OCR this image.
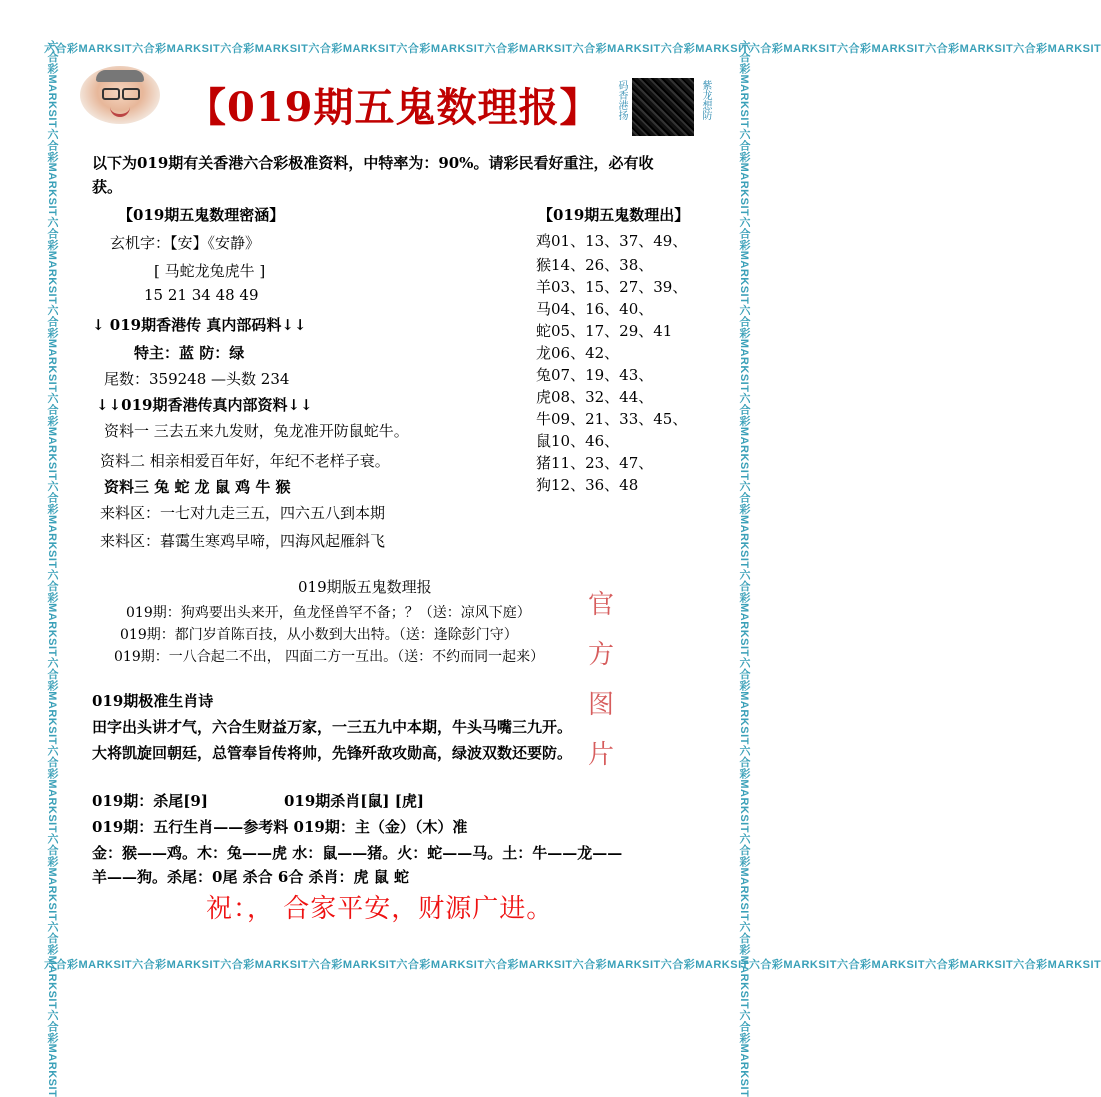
六合彩MARKSIT六合彩MARKSIT六合彩MARKSIT六合彩MARKSIT六合彩MARKSIT六合彩MARKSIT六合彩MARKSIT六合彩MARKSIT六合彩MARKSIT六合彩MARKSIT六合彩MARKSIT六合彩MARKSIT
六合彩MARKSIT六合彩MARKSIT六合彩MARKSIT六合彩MARKSIT六合彩MARKSIT六合彩MARKSIT六合彩MARKSIT六合彩MARKSIT六合彩MARKSIT六合彩MARKSIT六合彩MARKSIT六合彩MARKSIT
六合彩MARKSIT六合彩MARKSIT六合彩MARKSIT六合彩MARKSIT六合彩MARKSIT六合彩MARKSIT六合彩MARKSIT六合彩MARKSIT六合彩MARKSIT六合彩MARKSIT六合彩MARKSIT六合彩MARKSIT	六合彩MARKSIT六合彩MARKSIT六合彩MARKSIT六合彩MARKSIT六合彩MARKSIT六合彩MARKSIT六合彩MARKSIT六合彩MARKSIT六合彩MARKSIT六合彩MARKSIT六合彩MARKSIT六合彩MARKSIT
【019期五鬼数理报】 码香港扬	紫龙想防
以下为019期有关香港六合彩极准资料，中特率为：90%。请彩民看好重注，必有收
获。
【019期五鬼数理密涵】
玄机字：【安】《安静》
[ 马蛇龙兔虎牛 ]
15 21 34 48 49
↓ 019期香港传 真内部码料↓↓
特主：蓝 防：绿
尾数：359248 —头数 234
↓↓019期香港传真内部资料↓↓
资料一 三去五来九发财，兔龙准开防鼠蛇牛。
资料二 相亲相爱百年好，年纪不老样子衰。
资料三 兔 蛇 龙 鼠 鸡 牛 猴
来料区：一七对九走三五，四六五八到本期
来料区：暮霭生寒鸡早啼，四海风起雁斜飞
【019期五鬼数理出】
鸡01、13、37、49、
猴14、26、38、
羊03、15、27、39、
马04、16、40、
蛇05、17、29、41
龙06、42、
兔07、19、43、
虎08、32、44、
牛09、21、33、45、
鼠10、46、
猪11、23、47、
狗12、36、48
019期版五鬼数理报
019期：狗鸡要出头来开，鱼龙怪兽罕不备；？（送：凉风下庭）
019期：都门岁首陈百技，从小数到大出特。（送：逢除彭门守）
019期：一八合起二不出， 四面二方一互出。（送：不约而同一起来）
019期极准生肖诗
田字出头讲才气，六合生财益万家，一三五九中本期，牛头马嘴三九开。
大将凯旋回朝廷，总管奉旨传将帅，先锋歼敌攻勋高，绿波双数还要防。
019期：杀尾[9]	019期杀肖[鼠] [虎]
019期：五行生肖——参考料 019期：主（金）（木）准
金：猴——鸡。木：兔——虎 水：鼠——猪。火：蛇——马。土：牛——龙——
羊——狗。杀尾：0尾 杀合 6合 杀肖：虎 鼠 蛇
官方图片
祝：， 合家平安，财源广进。
